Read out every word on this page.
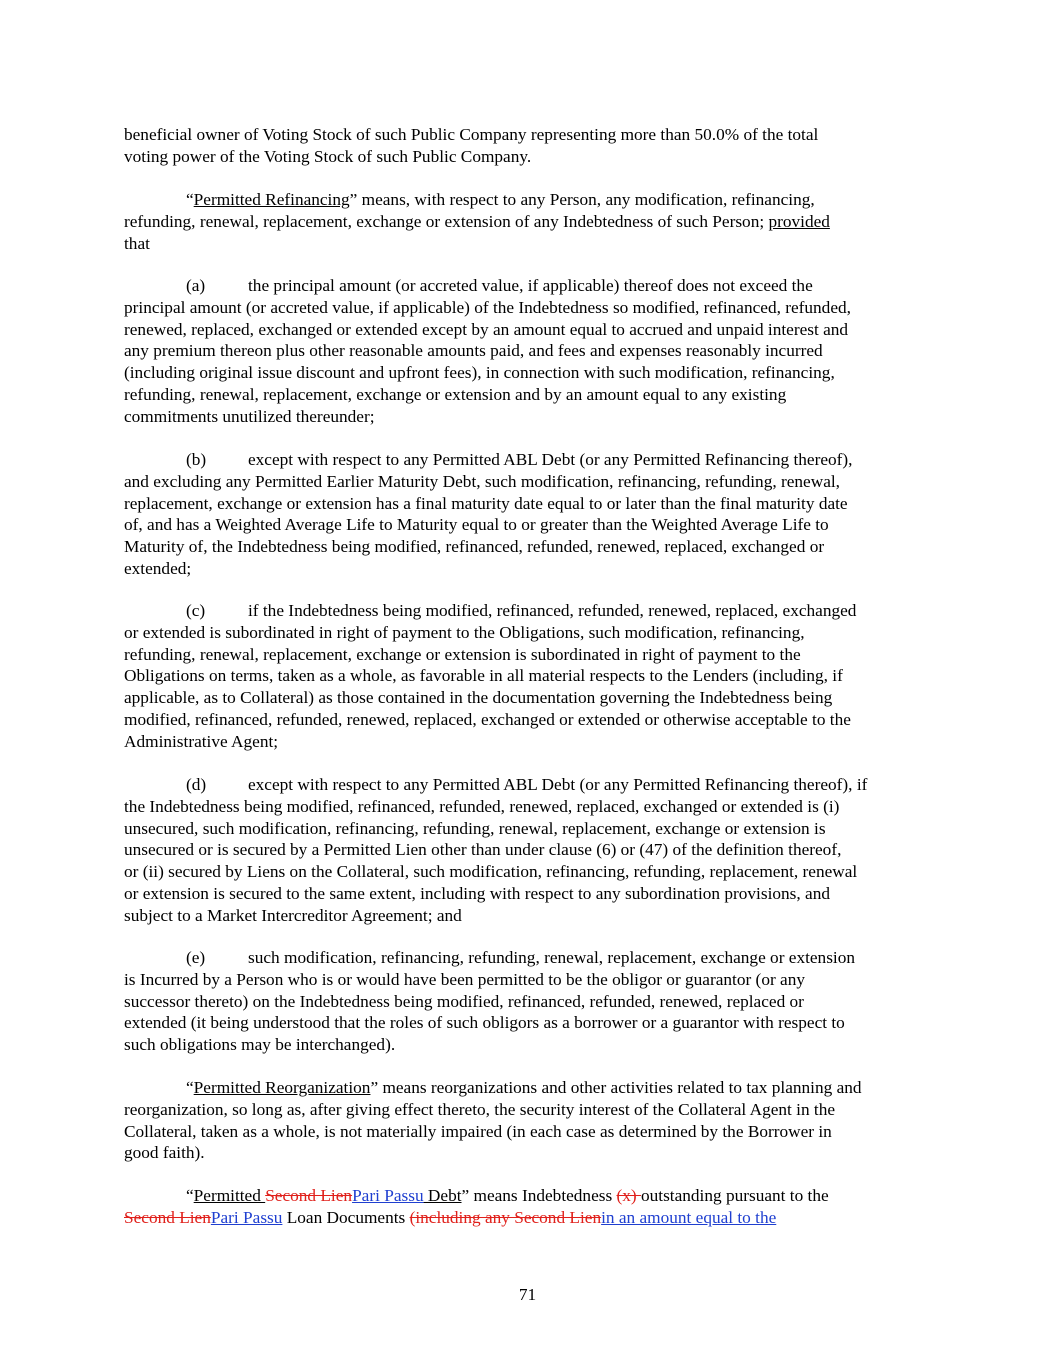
beneficial owner of Voting Stock of such Public Company representing more than 50.0% of the total
voting power of the Voting Stock of such Public Company.

“Permitted Refinancing” means, with respect to any Person, any modification, refinancing,
refunding, renewal, replacement, exchange or extension of any Indebtedness of such Person; provided
that

(a) the principal amount (or accreted value, if applicable) thereof does not exceed the
principal amount (or accreted value, if applicable) of the Indebtedness so modified, refinanced, refunded,
renewed, replaced, exchanged or extended except by an amount equal to accrued and unpaid interest and
any premium thereon plus other reasonable amounts paid, and fees and expenses reasonably incurred
(including original issue discount and upfront fees), in connection with such modification, refinancing,
refunding, renewal, replacement, exchange or extension and by an amount equal to any existing
commitments unutilized thereunder;

(b) except with respect to any Permitted ABL Debt (or any Permitted Refinancing thereof),
and excluding any Permitted Earlier Maturity Debt, such modification, refinancing, refunding, renewal,
replacement, exchange or extension has a final maturity date equal to or later than the final maturity date
of, and has a Weighted Average Life to Maturity equal to or greater than the Weighted Average Life to
Maturity of, the Indebtedness being modified, refinanced, refunded, renewed, replaced, exchanged or
extended;

(c) if the Indebtedness being modified, refinanced, refunded, renewed, replaced, exchanged
or extended is subordinated in right of payment to the Obligations, such modification, refinancing,
refunding, renewal, replacement, exchange or extension is subordinated in right of payment to the
Obligations on terms, taken as a whole, as favorable in all material respects to the Lenders (including, if
applicable, as to Collateral) as those contained in the documentation governing the Indebtedness being
modified, refinanced, refunded, renewed, replaced, exchanged or extended or otherwise acceptable to the
Administrative Agent;

(d) except with respect to any Permitted ABL Debt (or any Permitted Refinancing thereof), if
the Indebtedness being modified, refinanced, refunded, renewed, replaced, exchanged or extended is (i)
unsecured, such modification, refinancing, refunding, renewal, replacement, exchange or extension is
unsecured or is secured by a Permitted Lien other than under clause (6) or (47) of the definition thereof,
or (ii) secured by Liens on the Collateral, such modification, refinancing, refunding, replacement, renewal
or extension is secured to the same extent, including with respect to any subordination provisions, and
subject to a Market Intercreditor Agreement; and

(e) such modification, refinancing, refunding, renewal, replacement, exchange or extension
is Incurred by a Person who is or would have been permitted to be the obligor or guarantor (or any
successor thereto) on the Indebtedness being modified, refinanced, refunded, renewed, replaced or
extended (it being understood that the roles of such obligors as a borrower or a guarantor with respect to
such obligations may be interchanged).

“Permitted Reorganization” means reorganizations and other activities related to tax planning and
reorganization, so long as, after giving effect thereto, the security interest of the Collateral Agent in the
Collateral, taken as a whole, is not materially impaired (in each case as determined by the Borrower in
good faith).

“Permitted Second LienPari Passu Debt” means Indebtedness (x) outstanding pursuant to the
Second LienPari Passu Loan Documents (including any Second Lienin an amount equal to the

71
